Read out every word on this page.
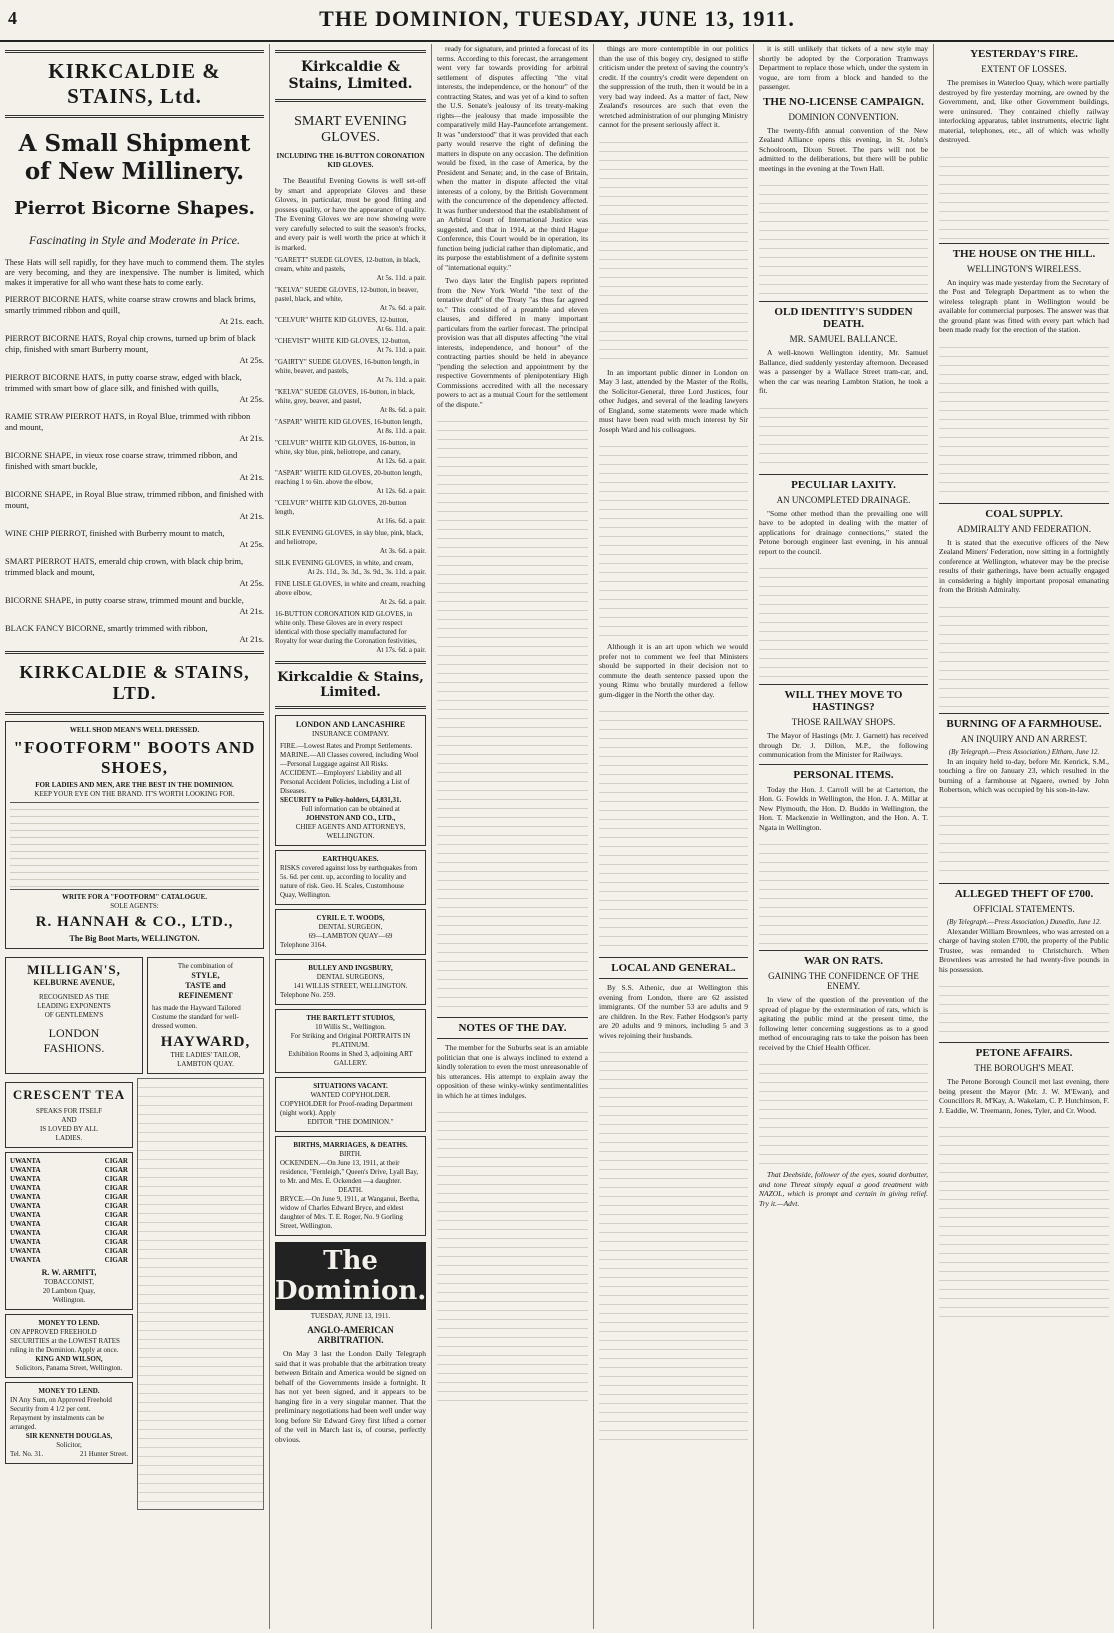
4	THE DOMINION, TUESDAY, JUNE 13, 1911.
KIRKCALDIE & STAINS, Ltd.
A Small Shipment of New Millinery.
Pierrot Bicorne Shapes.
Fascinating in Style and Moderate in Price.
These Hats will sell rapidly, for they have much to commend them. The styles are very becoming, and they are inexpensive. The number is limited, which makes it imperative for all who want these hats to come early.
PIERROT BICORNE HATS, white coarse straw crowns and black brims, smartly trimmed ribbon and quill,
At 21s. each.
PIERROT BICORNE HATS, Royal chip crowns, turned up brim of black chip, finished with smart Burberry mount,
At 25s.
PIERROT BICORNE HATS, in putty coarse straw, edged with black, trimmed with smart bow of glace silk, and finished with quills,
At 25s.
RAMIE STRAW PIERROT HATS, in Royal Blue, trimmed with ribbon and mount,
At 21s.
BICORNE SHAPE, in vieux rose coarse straw, trimmed ribbon, and finished with smart buckle,
At 21s.
BICORNE SHAPE, in Royal Blue straw, trimmed ribbon, and finished with mount,
At 21s.
WINE CHIP PIERROT, finished with Burberry mount to match,
At 25s.
SMART PIERROT HATS, emerald chip crown, with black chip brim, trimmed black and mount,
At 25s.
BICORNE SHAPE, in putty coarse straw, trimmed mount and buckle,
At 21s.
BLACK FANCY BICORNE, smartly trimmed with ribbon,
At 21s.
KIRKCALDIE & STAINS, LTD.
WELL SHOD MEAN'S WELL DRESSED.
"FOOTFORM" BOOTS AND SHOES,
FOR LADIES AND MEN, ARE THE BEST IN THE DOMINION.
KEEP YOUR EYE ON THE BRAND. IT'S WORTH LOOKING FOR.
WRITE FOR A "FOOTFORM" CATALOGUE.
SOLE AGENTS:
R. HANNAH & CO., LTD.,
The Big Boot Marts, WELLINGTON.
MILLIGAN'S,
KELBURNE AVENUE,
RECOGNISED AS THE
LEADING EXPONENTS
OF GENTLEMEN'S
LONDON
FASHIONS.
The combination of
STYLE,
TASTE and
REFINEMENT
has made the Hayward Tailored Costume the standard for well-dressed women.
HAYWARD,
THE LADIES' TAILOR,
LAMBTON QUAY.
CRESCENT TEA
SPEAKS FOR ITSELF
AND
IS LOVED BY ALL
LADIES.
UWANTA
UWANTA
UWANTA
UWANTA
UWANTA
UWANTA
UWANTA
UWANTA
UWANTA
UWANTA
UWANTA
UWANTA
CIGAR
CIGAR
CIGAR
CIGAR
CIGAR
CIGAR
CIGAR
CIGAR
CIGAR
CIGAR
CIGAR
CIGAR
R. W. ARMITT,
TOBACCONIST,
20 Lambton Quay,
Wellington.
MONEY TO LEND.
ON APPROVED FREEHOLD SECURITIES at the LOWEST RATES ruling in the Dominion. Apply at once.
KING AND WILSON,
Solicitors, Panama Street, Wellington.
MONEY TO LEND.
IN Any Sum, on Approved Freehold Security from 4 1/2 per cent.
Repayment by instalments can be arranged.
SIR KENNETH DOUGLAS,
Solicitor,
Tel. No. 31.	21 Hunter Street.
Kirkcaldie & Stains, Limited.
SMART EVENING GLOVES.
INCLUDING THE 16-BUTTON CORONATION KID GLOVES.
The Beautiful Evening Gowns is well set-off by smart and appropriate Gloves and these Gloves, in particular, must be good fitting and possess quality, or have the appearance of quality. The Evening Gloves we are now showing were very carefully selected to suit the season's frocks, and every pair is well worth the price at which it is marked.
"GARETT" SUEDE GLOVES, 12-button, in black, cream, white and pastels,
At 5s. 11d. a pair.
"KELVA" SUEDE GLOVES, 12-button, in beaver, pastel, black, and white,
At 7s. 6d. a pair.
"CELVUR" WHITE KID GLOVES, 12-button,
At 6s. 11d. a pair.
"CHEVIST" WHITE KID GLOVES, 12-button,
At 7s. 11d. a pair.
"GAIRTY" SUEDE GLOVES, 16-button length, in white, beaver, and pastels,
At 7s. 11d. a pair.
"KELVA" SUEDE GLOVES, 16-button, in black, white, grey, beaver, and pastel,
At 8s. 6d. a pair.
"ASPAR" WHITE KID GLOVES, 16-button length,
At 8s. 11d. a pair.
"CELVUR" WHITE KID GLOVES, 16-button, in white, sky blue, pink, heliotrope, and canary,
At 12s. 6d. a pair.
"ASPAR" WHITE KID GLOVES, 20-button length, reaching 1 to 6in. above the elbow,
At 12s. 6d. a pair.
"CELVUR" WHITE KID GLOVES, 20-button length,
At 16s. 6d. a pair.
SILK EVENING GLOVES, in sky blue, pink, black, and heliotrope,
At 3s. 6d. a pair.
SILK EVENING GLOVES, in white, and cream,
At 2s. 11d., 3s. 3d., 3s. 9d., 3s. 11d. a pair.
FINE LISLE GLOVES, in white and cream, reaching above elbow,
At 2s. 6d. a pair.
16-BUTTON CORONATION KID GLOVES, in white only. These Gloves are in every respect identical with those specially manufactured for Royalty for wear during the Coronation festivities,
At 17s. 6d. a pair.
Kirkcaldie & Stains, Limited.
LONDON AND LANCASHIRE
INSURANCE COMPANY.
FIRE.—Lowest Rates and Prompt Settlements.
MARINE.—All Classes covered, including Wool—Personal Luggage against All Risks.
ACCIDENT.—Employers' Liability and all Personal Accident Policies, including a List of Diseases.
SECURITY to Policy-holders, £4,831,31.
Full information can be obtained at
JOHNSTON AND CO., LTD.,
CHIEF AGENTS AND ATTORNEYS, WELLINGTON.
EARTHQUAKES.
RISKS covered against loss by earthquakes from 5s. 6d. per cent. up, according to locality and nature of risk. Geo. H. Scales, Customhouse Quay, Wellington.
CYRIL E. T. WOODS,
DENTAL SURGEON,
69—LAMBTON QUAY—69
Telephone 3164.
BULLEY AND INGSBURY,
DENTAL SURGEONS,
141 WILLIS STREET, WELLINGTON.
Telephone No. 259.
THE BARTLETT STUDIOS,
10 Willis St., Wellington.
For Striking and Original PORTRAITS IN PLATINUM.
Exhibition Rooms in Shed 3, adjoining ART GALLERY.
SITUATIONS VACANT.
WANTED COPYHOLDER.
COPYHOLDER for Proof-reading Department (night work). Apply
EDITOR "THE DOMINION."
BIRTHS, MARRIAGES, & DEATHS.
BIRTH.
OCKENDEN.—On June 13, 1911, at their residence, "Fernleigh," Queen's Drive, Lyall Bay, to Mr. and Mrs. E. Ockenden —a daughter.
DEATH.
BRYCE.—On June 9, 1911, at Wanganui, Bertha, widow of Charles Edward Bryce, and eldest daughter of Mrs. T. E. Roger, No. 9 Gorling Street, Wellington.
The Dominion.
TUESDAY, JUNE 13, 1911.
ANGLO-AMERICAN ARBITRATION.
On May 3 last the London Daily Telegraph said that it was probable that the arbitration treaty between Britain and America would be signed on behalf of the Governments inside a fortnight. It has not yet been signed, and it appears to be hanging fire in a very singular manner. That the preliminary negotiations had been well under way long before Sir Edward Grey first lifted a corner of the veil in March last is, of course, perfectly obvious.
ready for signature, and printed a forecast of its terms. According to this forecast, the arrangement went very far towards providing for arbitral settlement of disputes affecting "the vital interests, the independence, or the honour" of the contracting States, and was yet of a kind to soften the U.S. Senate's jealousy of its treaty-making rights—the jealousy that made impossible the comparatively mild Hay-Pauncefote arrangement. It was "understood" that it was provided that each party would reserve the right of defining the matters in dispute on any occasion. The definition would be fixed, in the case of America, by the President and Senate; and, in the case of Britain, when the matter in dispute affected the vital interests of a colony, by the British Government with the concurrence of the dependency affected. It was further understood that the establishment of an Arbitral Court of International Justice was suggested, and that in 1914, at the third Hague Conference, this Court would be in operation, its function being judicial rather than diplomatic, and its purpose the establishment of a definite system of "international equity."
Two days later the English papers reprinted from the New York World "the text of the tentative draft" of the Treaty "as thus far agreed to." This consisted of a preamble and eleven clauses, and differed in many important particulars from the earlier forecast. The principal provision was that all disputes affecting "the vital interests, independence, and honour" of the contracting parties should be held in abeyance "pending the selection and appointment by the respective Governments of plenipotentiary High Commissions accredited with all the necessary powers to act as a mutual Court for the settlement of the dispute."
NOTES OF THE DAY.
The member for the Suburbs seat is an amiable politician that one is always inclined to extend a kindly toleration to even the most unreasonable of his utterances. His attempt to explain away the opposition of these winky-winky sentimentalities in which he at times indulges.
things are more contemptible in our politics than the use of this bogey cry, designed to stifle criticism under the pretext of saving the country's credit. If the country's credit were dependent on the suppression of the truth, then it would be in a very bad way indeed. As a matter of fact, New Zealand's resources are such that even the wretched administration of our plunging Ministry cannot for the present seriously affect it.
In an important public dinner in London on May 3 last, attended by the Master of the Rolls, the Solicitor-General, three Lord Justices, four other Judges, and several of the leading lawyers of England, some statements were made which must have been read with much interest by Sir Joseph Ward and his colleagues.
Although it is an art upon which we would prefer not to comment we feel that Ministers should be supported in their decision not to commute the death sentence passed upon the young Rimu who brutally murdered a fellow gum-digger in the North the other day.
LOCAL AND GENERAL.
By S.S. Athenic, due at Wellington this evening from London, there are 62 assisted immigrants. Of the number 53 are adults and 9 are children. In the Rev. Father Hodgson's party are 20 adults and 9 minors, including 5 and 3 wives rejoining their husbands.
it is still unlikely that tickets of a new style may shortly be adopted by the Corporation Tramways Department to replace those which, under the system in vogue, are torn from a block and handed to the passenger.
THE NO-LICENSE CAMPAIGN.
DOMINION CONVENTION.
The twenty-fifth annual convention of the New Zealand Alliance opens this evening, in St. John's Schoolroom, Dixon Street. The pars will not be admitted to the deliberations, but there will be public meetings in the evening at the Town Hall.
OLD IDENTITY'S SUDDEN DEATH.
MR. SAMUEL BALLANCE.
A well-known Wellington identity, Mr. Samuel Ballance, died suddenly yesterday afternoon. Deceased was a passenger by a Wallace Street tram-car, and, when the car was nearing Lambton Station, he took a fit.
PECULIAR LAXITY.
AN UNCOMPLETED DRAINAGE.
"Some other method than the prevailing one will have to be adopted in dealing with the matter of applications for drainage connections," stated the Petone borough engineer last evening, in his annual report to the council.
WILL THEY MOVE TO HASTINGS?
THOSE RAILWAY SHOPS.
The Mayor of Hastings (Mr. J. Garnett) has received through Dr. J. Dillon, M.P., the following communication from the Minister for Railways.
PERSONAL ITEMS.
Today the Hon. J. Carroll will be at Carterton, the Hon. G. Fowlds in Wellington, the Hon. J. A. Millar at New Plymouth, the Hon. D. Buddo in Wellington, the Hon. T. Mackenzie in Wellington, and the Hon. A. T. Ngata in Wellington.
WAR ON RATS.
GAINING THE CONFIDENCE OF THE ENEMY.
In view of the question of the prevention of the spread of plague by the extermination of rats, which is agitating the public mind at the present time, the following letter concerning suggestions as to a good method of encouraging rats to take the poison has been received by the Chief Health Officer.
That Deebside, follower of the eyes, sound dorbutter, and tone Threat simply equal a good treatment with NAZOL, which is prompt and certain in giving relief. Try it.—Advt.
YESTERDAY'S FIRE.
EXTENT OF LOSSES.
The premises in Waterloo Quay, which were partially destroyed by fire yesterday morning, are owned by the Government, and, like other Government buildings, were uninsured. They contained chiefly railway interlocking apparatus, tablet instruments, electric light material, telephones, etc., all of which was wholly destroyed.
THE HOUSE ON THE HILL.
WELLINGTON'S WIRELESS.
An inquiry was made yesterday from the Secretary of the Post and Telegraph Department as to when the wireless telegraph plant in Wellington would be available for commercial purposes. The answer was that the ground plant was fitted with every part which had been made ready for the erection of the station.
COAL SUPPLY.
ADMIRALTY AND FEDERATION.
It is stated that the executive officers of the New Zealand Miners' Federation, now sitting in a fortnightly conference at Wellington, whatever may be the precise results of their gatherings, have been actually engaged in considering a highly important proposal emanating from the British Admiralty.
BURNING OF A FARMHOUSE.
AN INQUIRY AND AN ARREST.
(By Telegraph.—Press Association.) Eltham, June 12.
In an inquiry held to-day, before Mr. Kenrick, S.M., touching a fire on January 23, which resulted in the burning of a farmhouse at Ngaere, owned by John Robertson, which was occupied by his son-in-law.
ALLEGED THEFT OF £700.
OFFICIAL STATEMENTS.
(By Telegraph.—Press Association.) Dunedin, June 12.
Alexander William Brownlees, who was arrested on a charge of having stolen £700, the property of the Public Trustee, was remanded to Christchurch. When Brownlees was arrested he had twenty-five pounds in his possession.
PETONE AFFAIRS.
THE BOROUGH'S MEAT.
The Petone Borough Council met last evening, there being present the Mayor (Mr. J. W. M'Ewan), and Councillors R. M'Kay, A. Wakelam, C. P. Hutchinson, F. J. Eaddie, W. Treemann, Jones, Tyler, and Cr. Wood.
